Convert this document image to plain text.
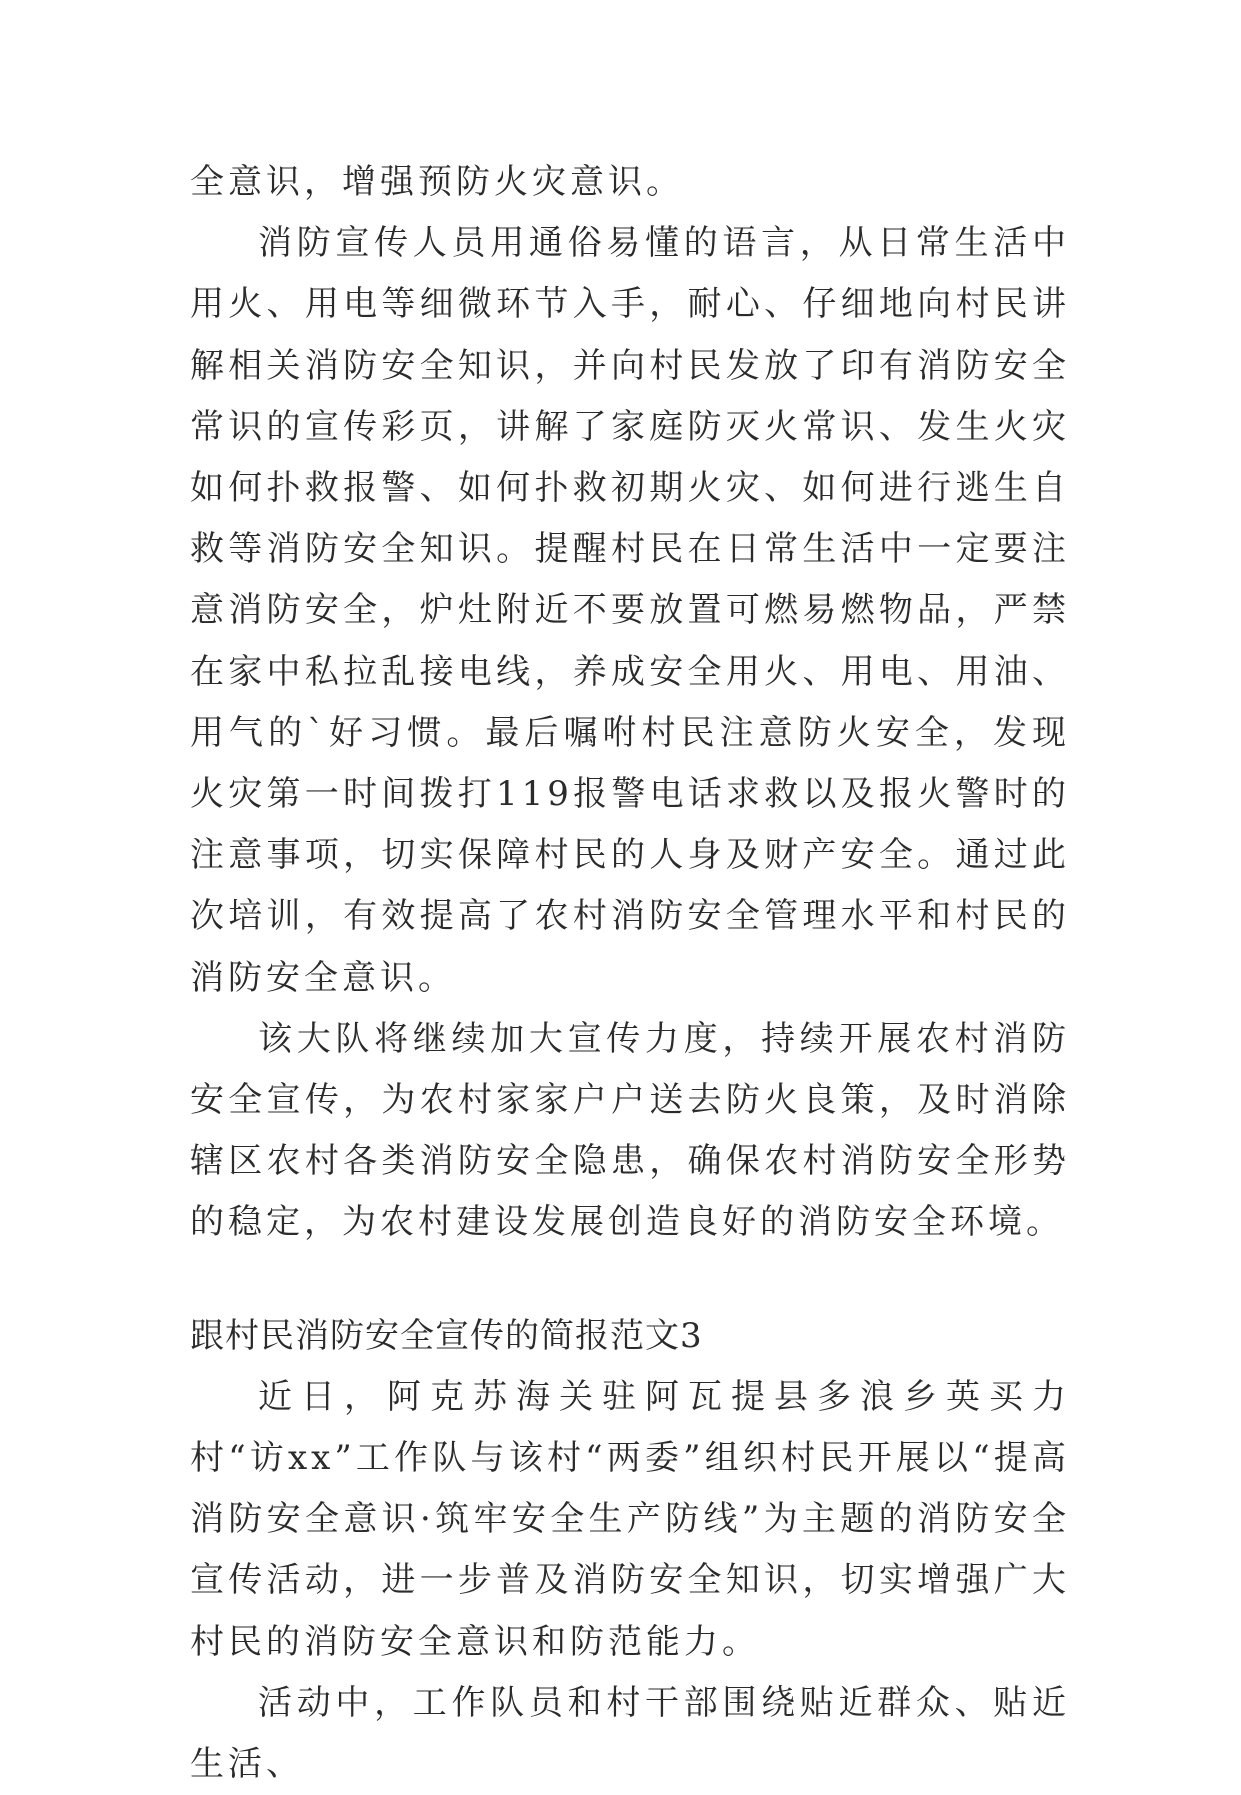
全意识，增强预防火灾意识。

消防宣传人员用通俗易懂的语言，从日常生活中用火、用电等细微环节入手，耐心、仔细地向村民讲解相关消防安全知识，并向村民发放了印有消防安全常识的宣传彩页，讲解了家庭防灭火常识、发生火灾如何扑救报警、如何扑救初期火灾、如何进行逃生自救等消防安全知识。提醒村民在日常生活中一定要注意消防安全，炉灶附近不要放置可燃易燃物品，严禁在家中私拉乱接电线，养成安全用火、用电、用油、用气的`好习惯。最后嘱咐村民注意防火安全，发现火灾第一时间拨打119报警电话求救以及报火警时的注意事项，切实保障村民的人身及财产安全。通过此次培训，有效提高了农村消防安全管理水平和村民的消防安全意识。

该大队将继续加大宣传力度，持续开展农村消防安全宣传，为农村家家户户送去防火良策，及时消除辖区农村各类消防安全隐患，确保农村消防安全形势的稳定，为农村建设发展创造良好的消防安全环境。

跟村民消防安全宣传的简报范文3

近日，阿克苏海关驻阿瓦提县多浪乡英买力村“访xx”工作队与该村“两委”组织村民开展以“提高消防安全意识·筑牢安全生产防线”为主题的消防安全宣传活动，进一步普及消防安全知识，切实增强广大村民的消防安全意识和防范能力。

活动中，工作队员和村干部围绕贴近群众、贴近生活、
